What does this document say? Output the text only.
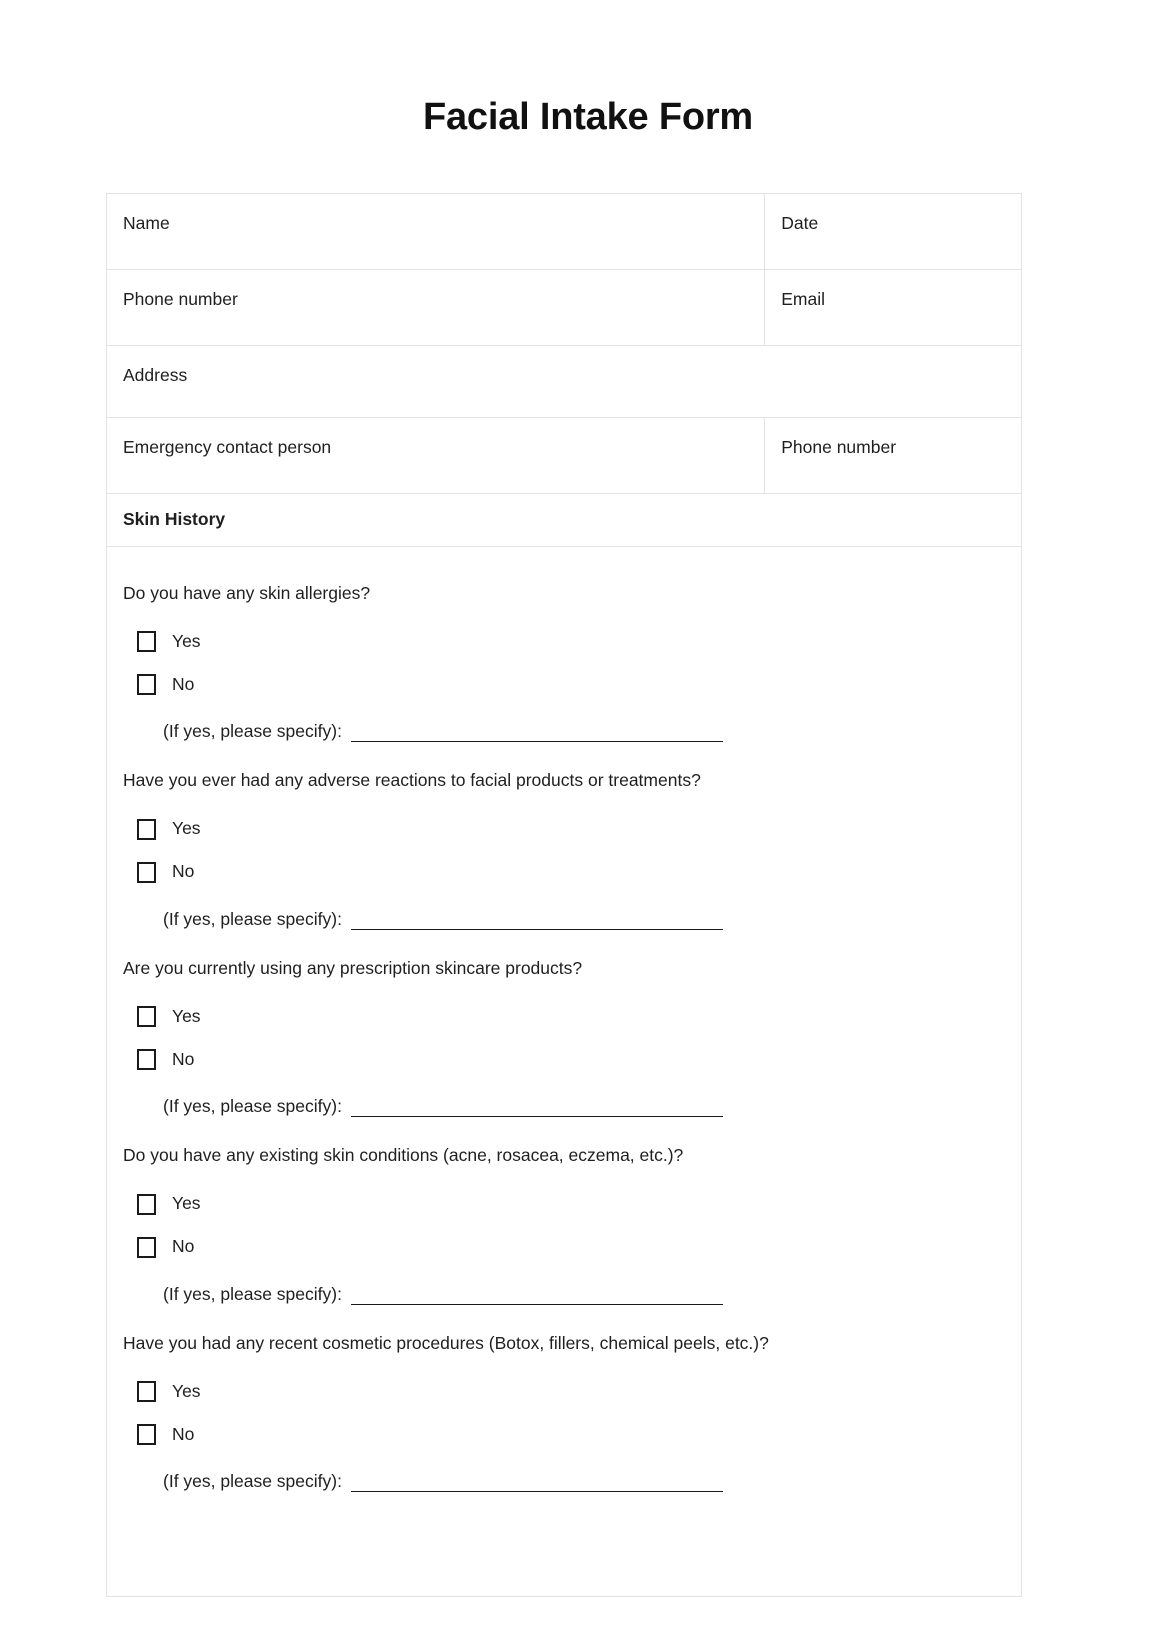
Facial Intake Form
Name	Date
Phone number	Email
Address	
Emergency contact person	Phone number
Skin History	

Do you have any skin allergies?
Yes
No
(If yes, please specify):
Have you ever had any adverse reactions to facial products or treatments?
Yes
No
(If yes, please specify):
Are you currently using any prescription skincare products?
Yes
No
(If yes, please specify):
Do you have any existing skin conditions (acne, rosacea, eczema, etc.)?
Yes
No
(If yes, please specify):
Have you had any recent cosmetic procedures (Botox, fillers, chemical peels, etc.)?
Yes
No
(If yes, please specify):
